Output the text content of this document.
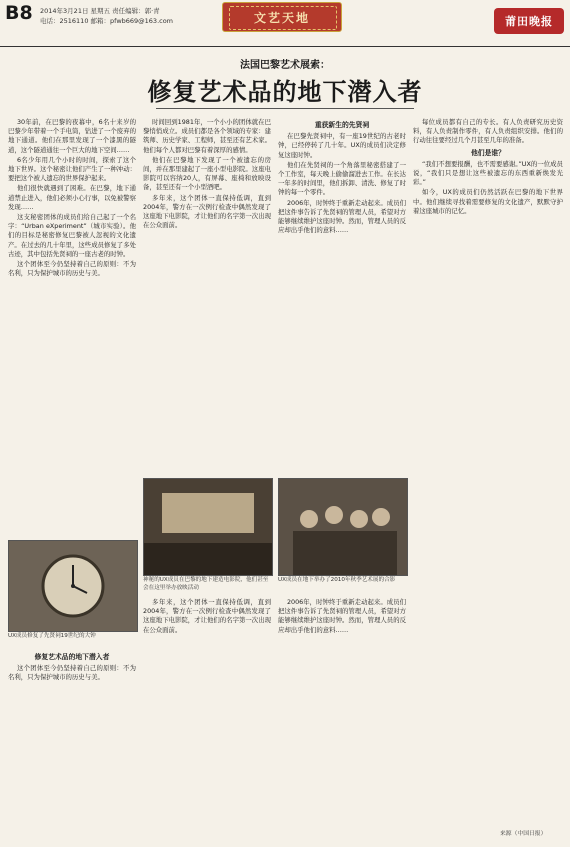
B8 2014年3月21日 星期五 责任编辑：郭·青
电话：2516110 邮箱：pfwb669@163.com	文艺天地	莆田晚报
法国巴黎艺术展索：
修复艺术品的地下潜入者

30年前，在巴黎的夜幕中，6名十来岁的巴黎少年带着一个手电筒，钻进了一个废弃的地下通道。他们在那里发现了一个漆黑的隧道，这个隧道通往一个巨大的地下空间……

6名少年用几个小时的时间，探索了这个地下世界。这个秘密让他们产生了一种冲动：要把这个被人遗忘的世界保护起来。

他们很快就遇到了困难。在巴黎，地下通道禁止进入，他们必须小心行事，以免被警察发现……

这支秘密团体的成员们给自己起了一个名字：“Urban eXperiment”（城市实验）。他们的目标是秘密修复巴黎被人忽视的文化遗产。在过去的几十年里，这些成员修复了多处古迹，其中包括先贤祠的一座古老的时钟。

这个团体至今仍坚持着自己的原则：不为名利，只为保护城市的历史与美。

时间回到1981年，一个小小的团体就在巴黎悄悄成立。成员们都是各个领域的专家：建筑师、历史学家、工程师，甚至还有艺术家。他们每个人都对巴黎有着深厚的感情。

他们在巴黎地下发现了一个被遗忘的房间，并在那里建起了一座小型电影院。这座电影院可以容纳20人，有屏幕、座椅和放映设备，甚至还有一个小型酒吧。

多年来，这个团体一直保持低调，直到2004年，警方在一次例行检查中偶然发现了这座地下电影院，才让他们的名字第一次出现在公众面前。

重获新生的先贤祠

在巴黎先贤祠中，有一座19世纪的古老时钟，已经停转了几十年。UX的成员们决定修复这座时钟。

他们在先贤祠的一个角落里秘密搭建了一个工作室，每天晚上偷偷溜进去工作。在长达一年多的时间里，他们拆卸、清洗、修复了时钟的每一个零件。

2006年，时钟终于重新走动起来。成员们把这件事告诉了先贤祠的管理人员，希望对方能够继续维护这座时钟。然而，管理人员的反应却出乎他们的意料……

每位成员都有自己的专长。有人负责研究历史资料，有人负责制作零件，有人负责组织安排。他们的行动往往要经过几个月甚至几年的准备。

他们是谁？

“我们不想要报酬，也不需要感谢。”UX的一位成员说，“我们只是想让这些被遗忘的东西重新焕发光彩。”

如今，UX的成员们仍然活跃在巴黎的地下世界中。他们继续寻找着需要修复的文化遗产，默默守护着这座城市的记忆。

UX成员修复了先贤祠19世纪的大钟
神秘的UX成员在巴黎的地下建造电影院，他们甚至会在这里举办放映活动
UX成员在地下举办了2010年秋季艺术展的合影

修复艺术品的地下潜入者

这个团体至今仍坚持着自己的原则：不为名利，只为保护城市的历史与美。

多年来，这个团体一直保持低调，直到2004年，警方在一次例行检查中偶然发现了这座地下电影院，才让他们的名字第一次出现在公众面前。

2006年，时钟终于重新走动起来。成员们把这件事告诉了先贤祠的管理人员，希望对方能够继续维护这座时钟。然而，管理人员的反应却出乎他们的意料……

来源（中国日报）
